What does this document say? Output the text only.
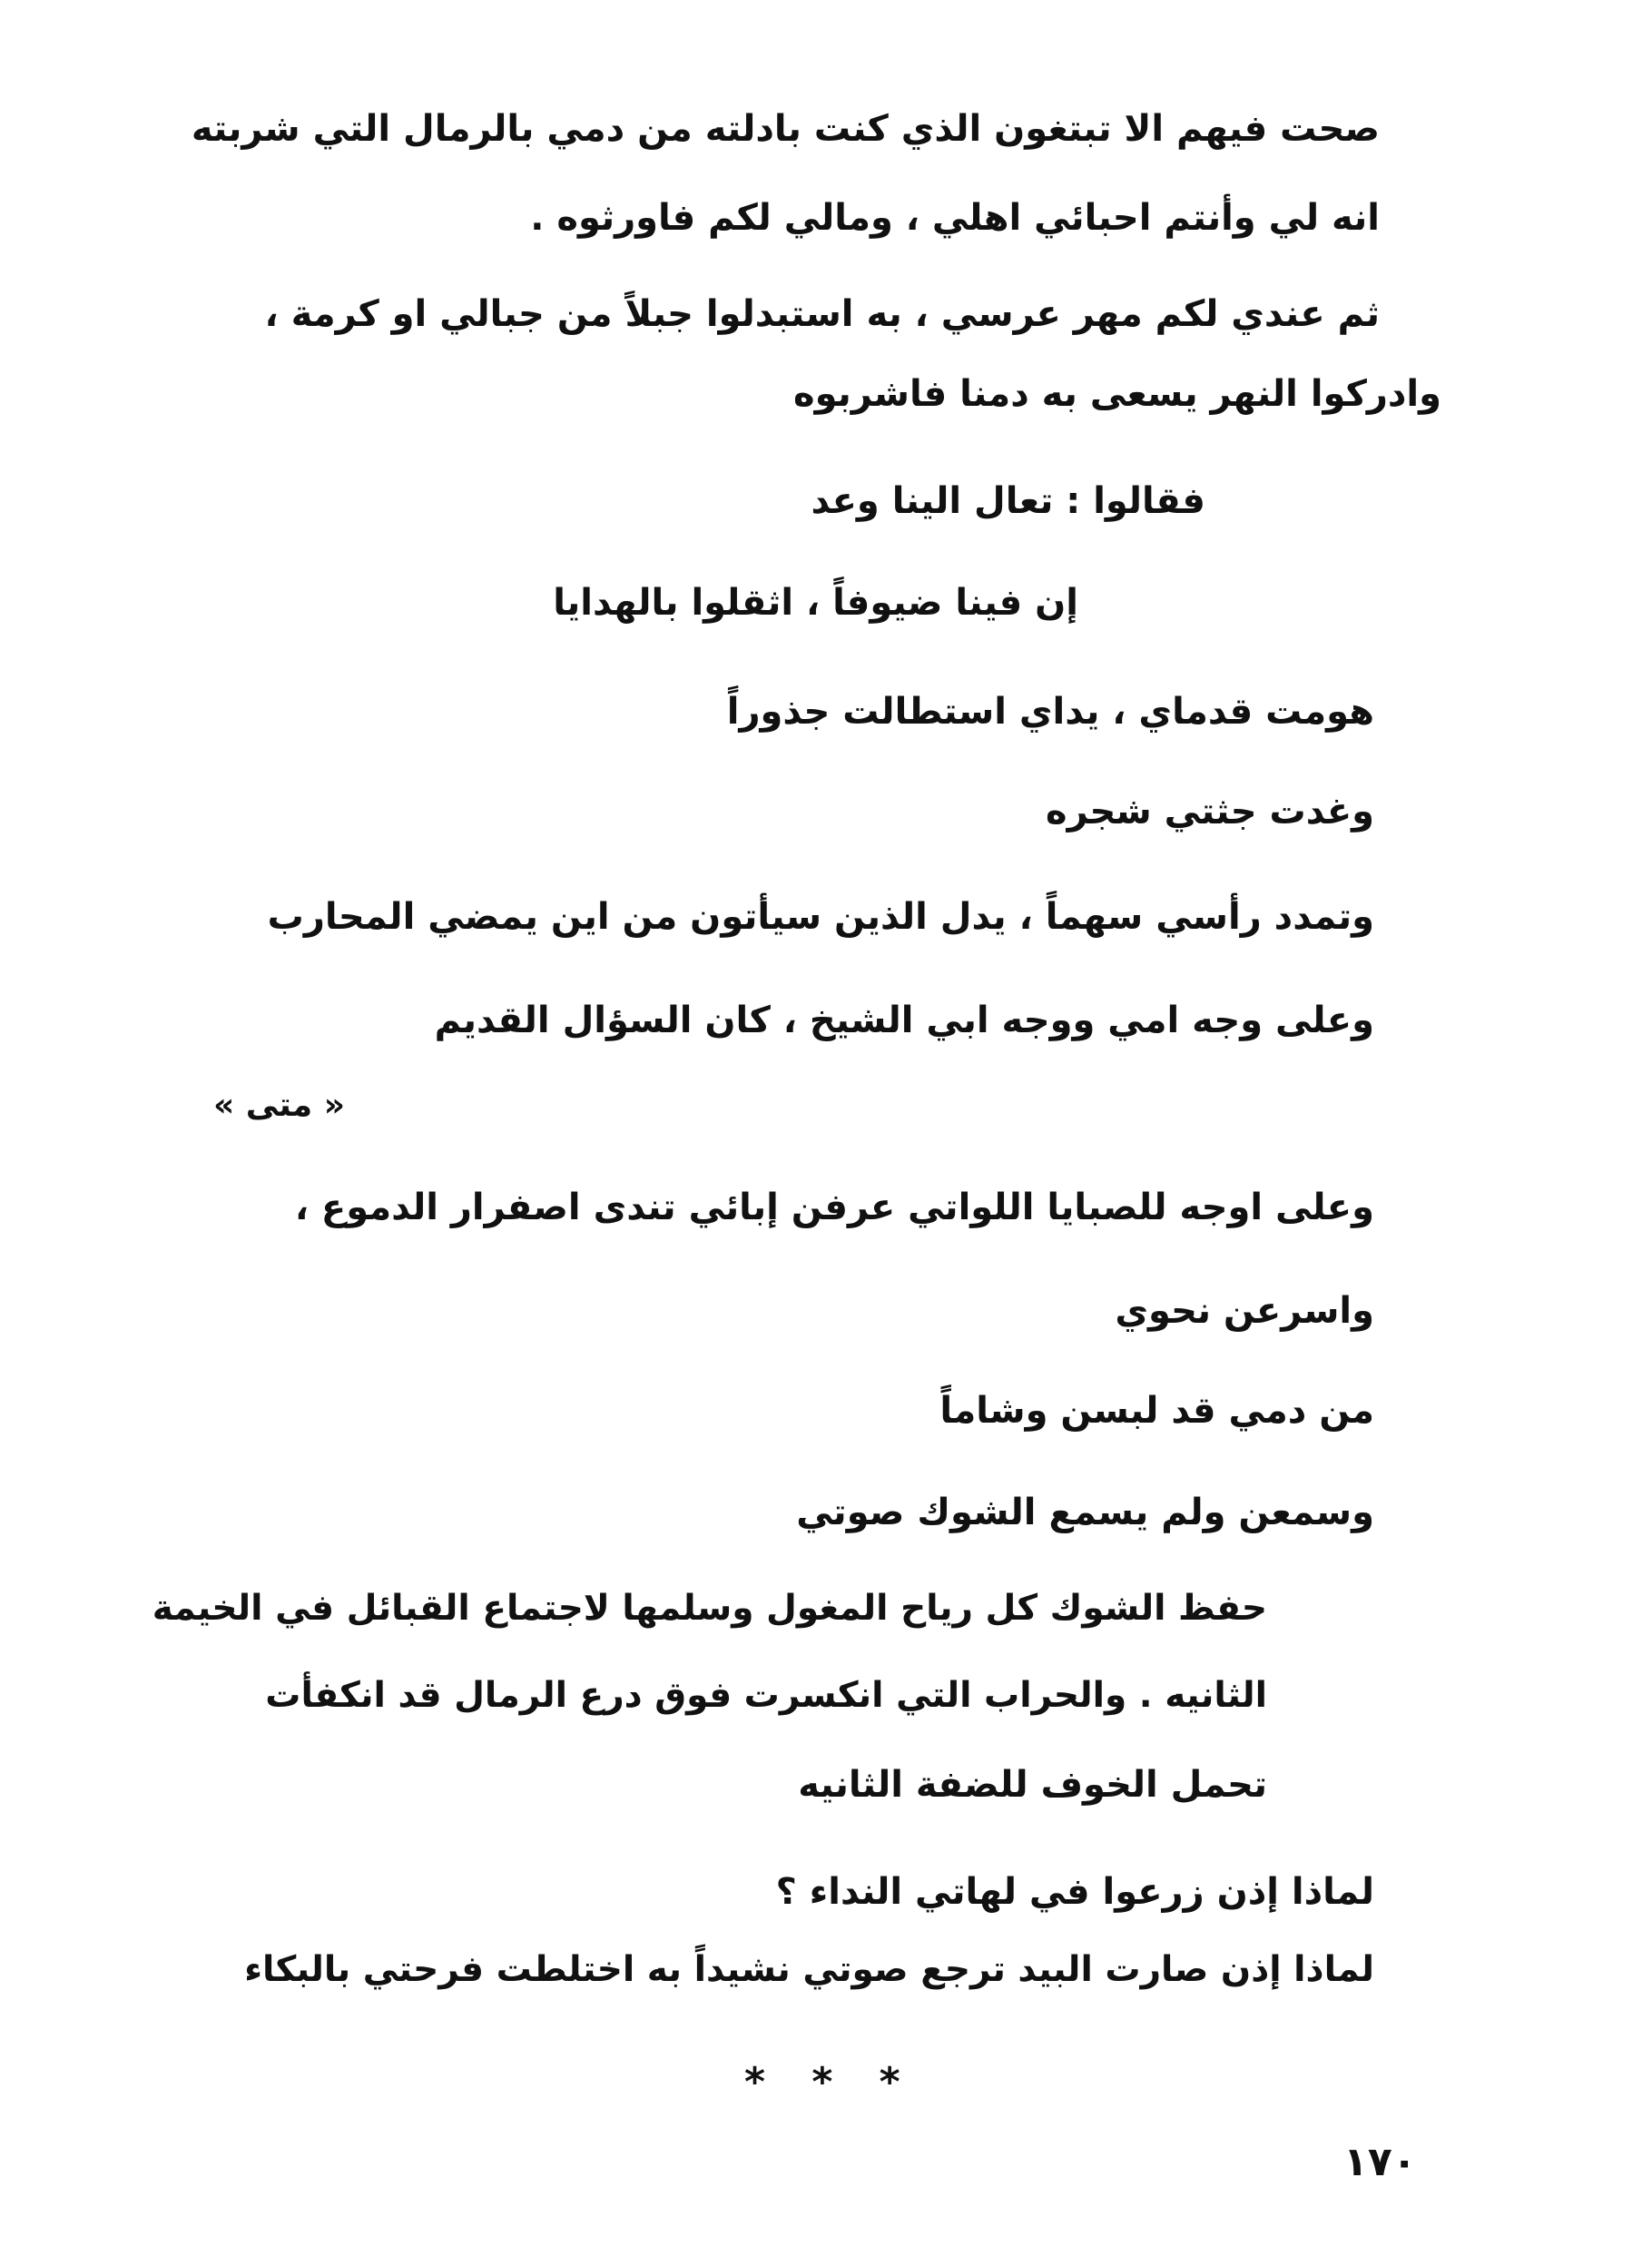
صحت فيهم الا تبتغون الذي كنت بادلته من دمي بالرمال التي شربته
انه لي وأنتم احبائي اهلي ، ومالي لكم فاورثوه .
ثم عندي لكم مهر عرسي ، به استبدلوا جبلاً من جبالي او كرمة ،
وادركوا النهر يسعى به دمنا فاشربوه
فقالوا : تعال الينا وعد
إن فينا ضيوفاً ، اثقلوا بالهدايا
هومت قدماي ، يداي استطالت جذوراً
وغدت جثتي شجره
وتمدد رأسي سهماً ، يدل الذين سيأتون من اين يمضي المحارب
وعلى وجه امي ووجه ابي الشيخ ، كان السؤال القديم
« متى »
وعلى اوجه للصبايا اللواتي عرفن إبائي تندى اصفرار الدموع ،
واسرعن نحوي
من دمي قد لبسن وشاماً
وسمعن ولم يسمع الشوك صوتي
حفظ الشوك كل رياح المغول وسلمها لاجتماع القبائل في الخيمة
الثانيه . والحراب التي انكسرت فوق درع الرمال قد انكفأت
تحمل الخوف للضفة الثانيه
لماذا إذن زرعوا في لهاتي النداء ؟
لماذا إذن صارت البيد ترجع صوتي نشيداً به اختلطت فرحتي بالبكاء
* * *
١٧٠
